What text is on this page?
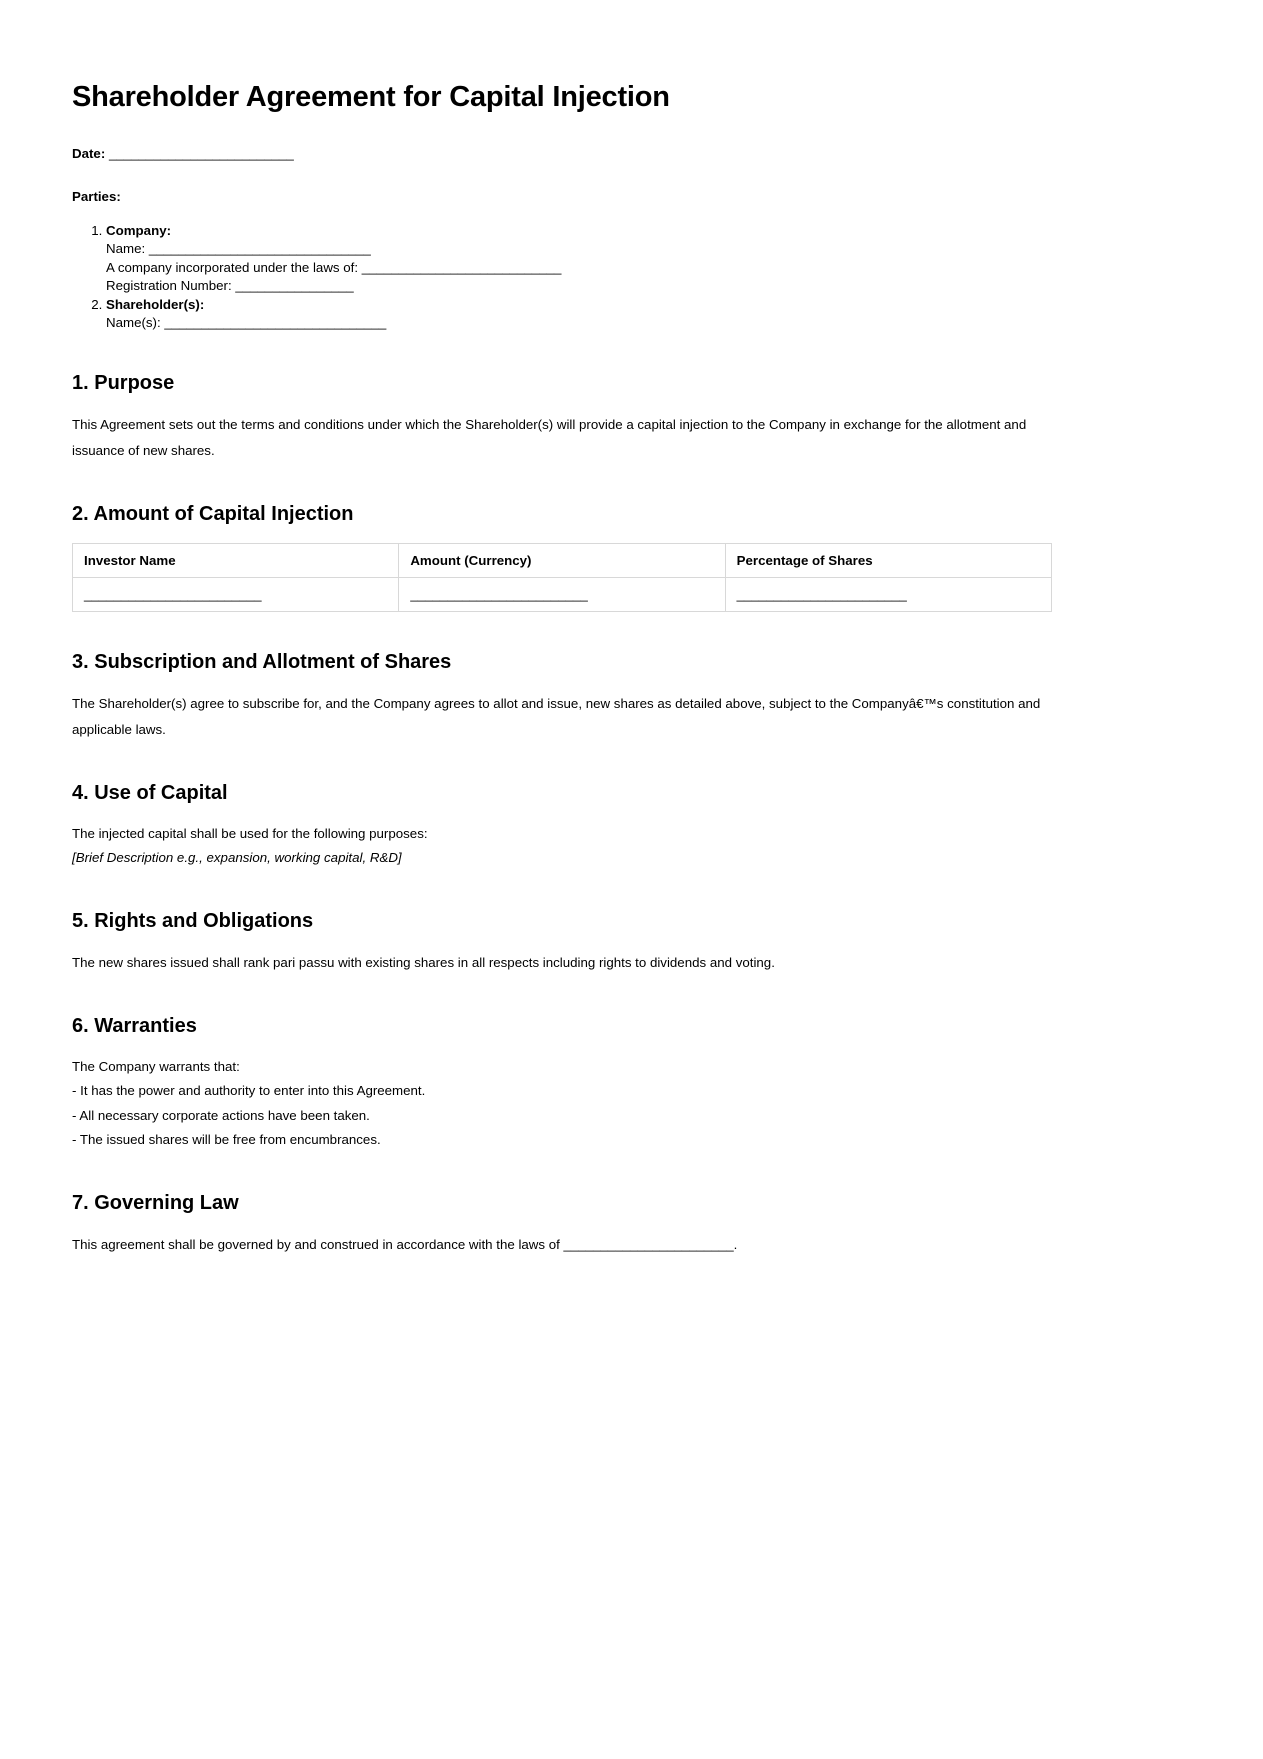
Shareholder Agreement for Capital Injection

Date: _________________________

Parties:

1. Company:
Name: ______________________________
A company incorporated under the laws of: ___________________________
Registration Number: ________________
2. Shareholder(s):
Name(s): ______________________________
1. Purpose

This Agreement sets out the terms and conditions under which the Shareholder(s) will provide a capital injection to the Company in exchange for the allotment and issuance of new shares.

2. Amount of Capital Injection
Investor Name	Amount (Currency)	Percentage of Shares
________________________	________________________	_______________________
3. Subscription and Allotment of Shares

The Shareholder(s) agree to subscribe for, and the Company agrees to allot and issue, new shares as detailed above, subject to the Companyâ€™s constitution and applicable laws.

4. Use of Capital

The injected capital shall be used for the following purposes:

[Brief Description e.g., expansion, working capital, R&D]

5. Rights and Obligations

The new shares issued shall rank pari passu with existing shares in all respects including rights to dividends and voting.

6. Warranties

The Company warrants that:

- It has the power and authority to enter into this Agreement.

- All necessary corporate actions have been taken.

- The issued shares will be free from encumbrances.

7. Governing Law

This agreement shall be governed by and construed in accordance with the laws of _______________________.
